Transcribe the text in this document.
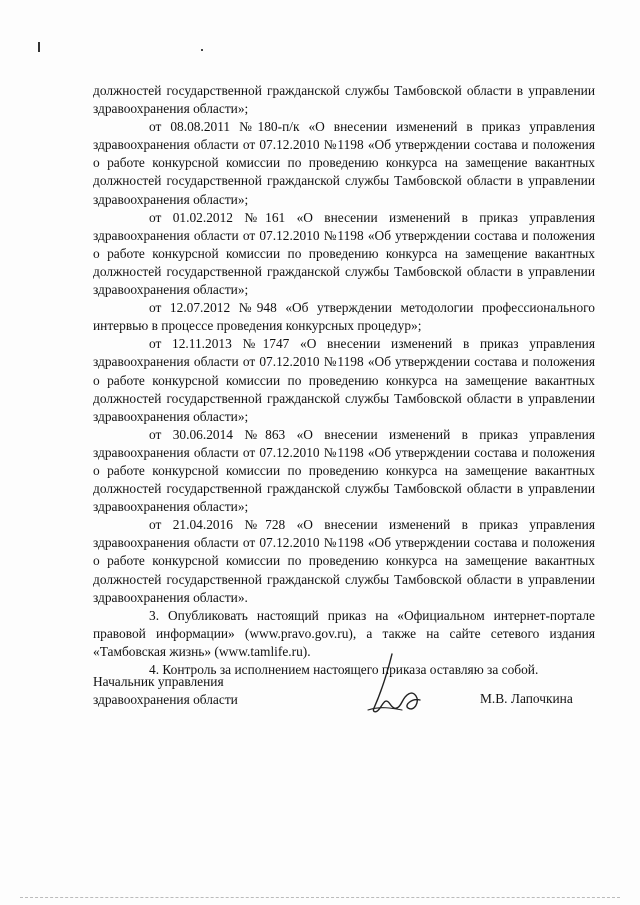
должностей государственной гражданской службы Тамбовской области в управлении здравоохранения области»;

от 08.08.2011 №180-п/к «О внесении изменений в приказ управления здравоохранения области от 07.12.2010 №1198 «Об утверждении состава и положения о работе конкурсной комиссии по проведению конкурса на замещение вакантных должностей государственной гражданской службы Тамбовской области в управлении здравоохранения области»;

от 01.02.2012 №161 «О внесении изменений в приказ управления здравоохранения области от 07.12.2010 №1198 «Об утверждении состава и положения о работе конкурсной комиссии по проведению конкурса на замещение вакантных должностей государственной гражданской службы Тамбовской области в управлении здравоохранения области»;

от 12.07.2012 №948 «Об утверждении методологии профессионального интервью в процессе проведения конкурсных процедур»;

от 12.11.2013 №1747 «О внесении изменений в приказ управления здравоохранения области от 07.12.2010 №1198 «Об утверждении состава и положения о работе конкурсной комиссии по проведению конкурса на замещение вакантных должностей государственной гражданской службы Тамбовской области в управлении здравоохранения области»;

от 30.06.2014 №863 «О внесении изменений в приказ управления здравоохранения области от 07.12.2010 №1198 «Об утверждении состава и положения о работе конкурсной комиссии по проведению конкурса на замещение вакантных должностей государственной гражданской службы Тамбовской области в управлении здравоохранения области»;

от 21.04.2016 №728 «О внесении изменений в приказ управления здравоохранения области от 07.12.2010 №1198 «Об утверждении состава и положения о работе конкурсной комиссии по проведению конкурса на замещение вакантных должностей государственной гражданской службы Тамбовской области в управлении здравоохранения области».

3. Опубликовать настоящий приказ на «Официальном интернет-портале правовой информации» (www.pravo.gov.ru), а также на сайте сетевого издания «Тамбовская жизнь» (www.tamlife.ru).

4. Контроль за исполнением настоящего приказа оставляю за собой.

Начальник управления
здравоохранения области	М.В. Лапочкина
